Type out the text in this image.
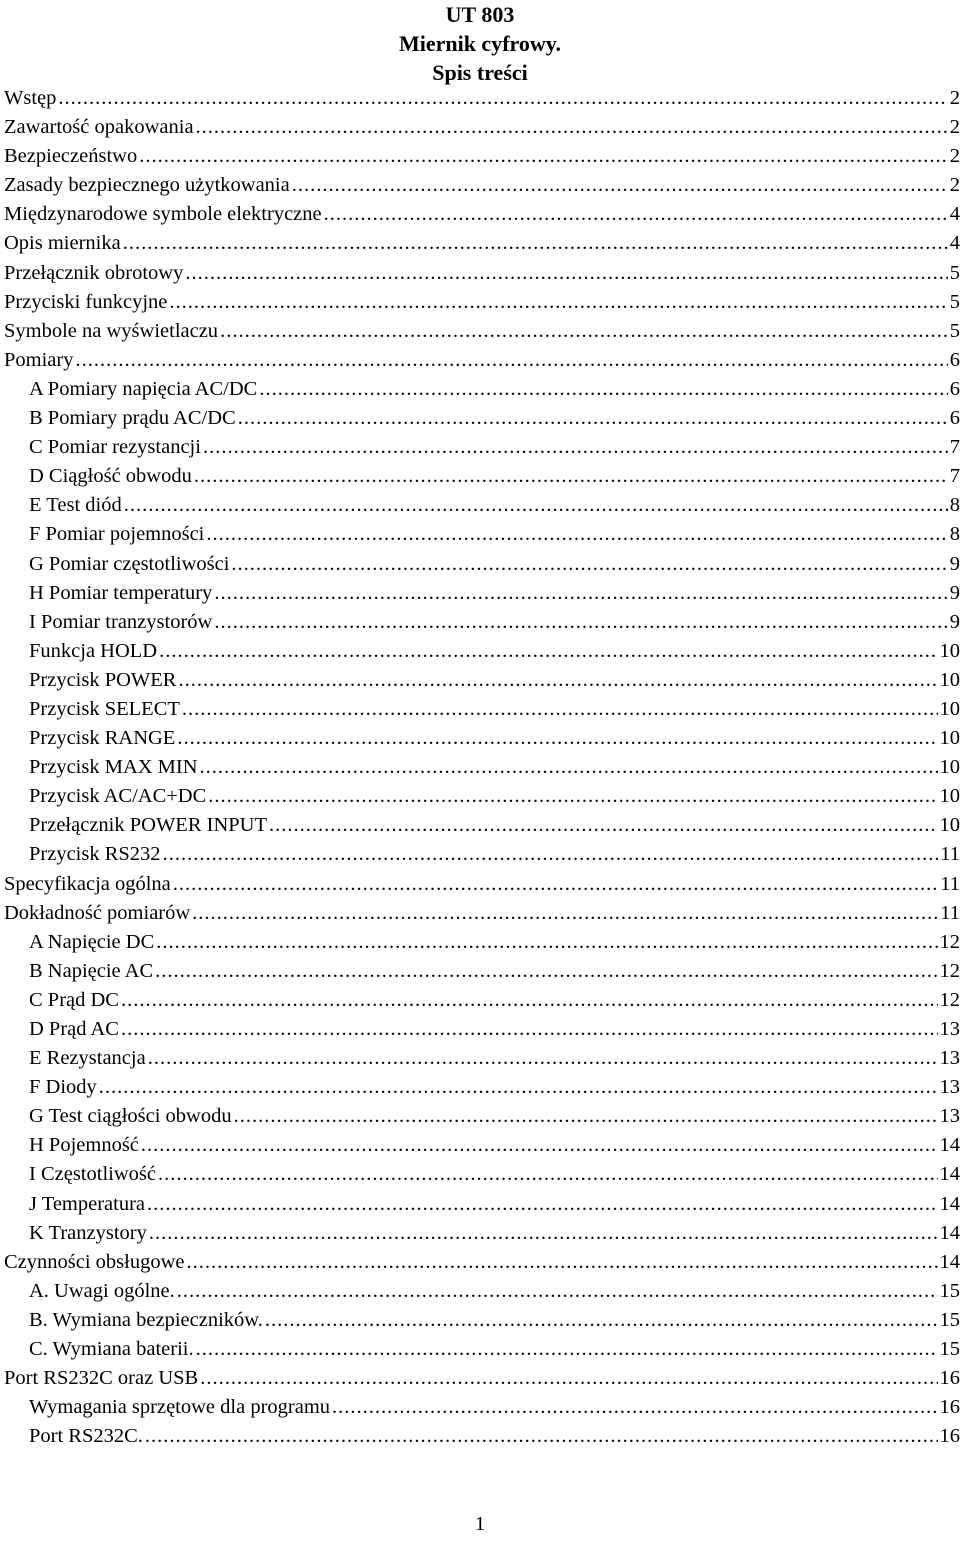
UT 803
Miernik cyfrowy.
Spis treści
Wstęp .....	2
Zawartość opakowania .....	2
Bezpieczeństwo .....	2
Zasady bezpiecznego użytkowania .....	2
Międzynarodowe symbole elektryczne .....	4
Opis miernika .....	4
Przełącznik obrotowy .....	5
Przyciski funkcyjne .....	5
Symbole na wyświetlaczu .....	5
Pomiary .....	6
A Pomiary napięcia AC/DC .....	6
B Pomiary prądu AC/DC .....	6
C Pomiar rezystancji .....	7
D Ciągłość obwodu .....	7
E Test diód .....	8
F Pomiar pojemności .....	8
G Pomiar częstotliwości .....	9
H Pomiar temperatury .....	9
I Pomiar tranzystorów .....	9
Funkcja HOLD .....	10
Przycisk POWER .....	10
Przycisk SELECT .....	10
Przycisk RANGE .....	10
Przycisk MAX MIN .....	10
Przycisk AC/AC+DC .....	10
Przełącznik POWER INPUT .....	10
Przycisk RS232 .....	11
Specyfikacja ogólna .....	11
Dokładność pomiarów .....	11
A Napięcie DC .....	12
B Napięcie AC .....	12
C Prąd DC .....	12
D Prąd AC .....	13
E Rezystancja .....	13
F Diody .....	13
G Test ciągłości obwodu .....	13
H Pojemność .....	14
I Częstotliwość .....	14
J Temperatura .....	14
K Tranzystory .....	14
Czynności obsługowe .....	14
A. Uwagi ogólne. .....	15
B. Wymiana bezpieczników. .....	15
C. Wymiana baterii. .....	15
Port RS232C oraz USB .....	16
Wymagania sprzętowe dla programu .....	16
Port RS232C. .....	16
1
